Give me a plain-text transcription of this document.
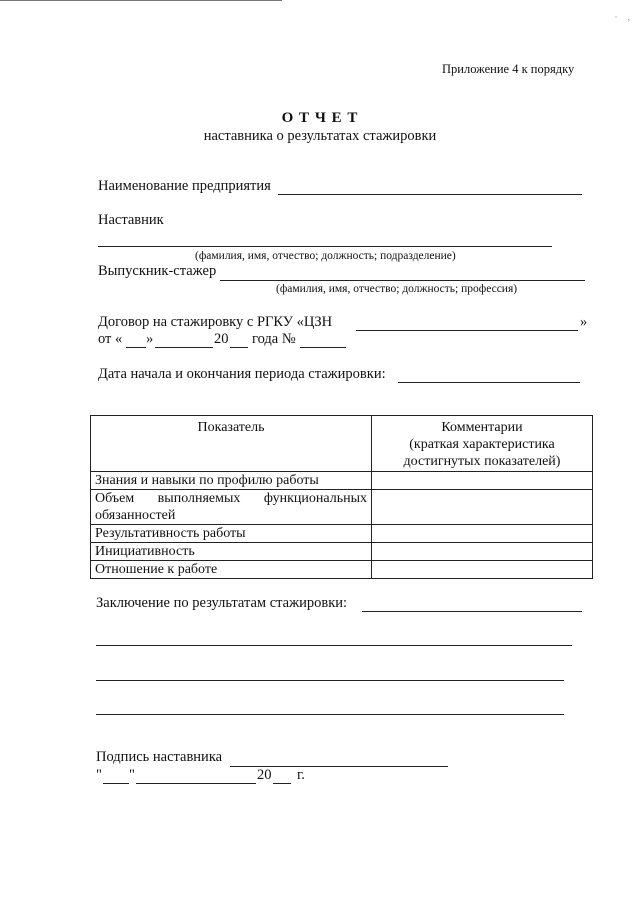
· ,
Приложение 4 к порядку
О Т Ч Е Т
наставника о результатах стажировки
Наименование предприятия
Наставник
(фамилия, имя, отчество; должность; подразделение)
Выпускник-стажер
(фамилия, имя, отчество; должность; профессия)
Договор на стажировку с РГКУ «ЦЗН	»
от « »	20 года №
Дата начала и окончания периода стажировки:
Показатель	Комментарии
(краткая характеристика
достигнутых показателей)

Знания и навыки по профилю работы	
Объем выполняемых функциональных обязанностей	
Результативность работы	
Инициативность	
Отношение к работе	
Заключение по результатам стажировки:
Подпись наставника
" "	20 г.
